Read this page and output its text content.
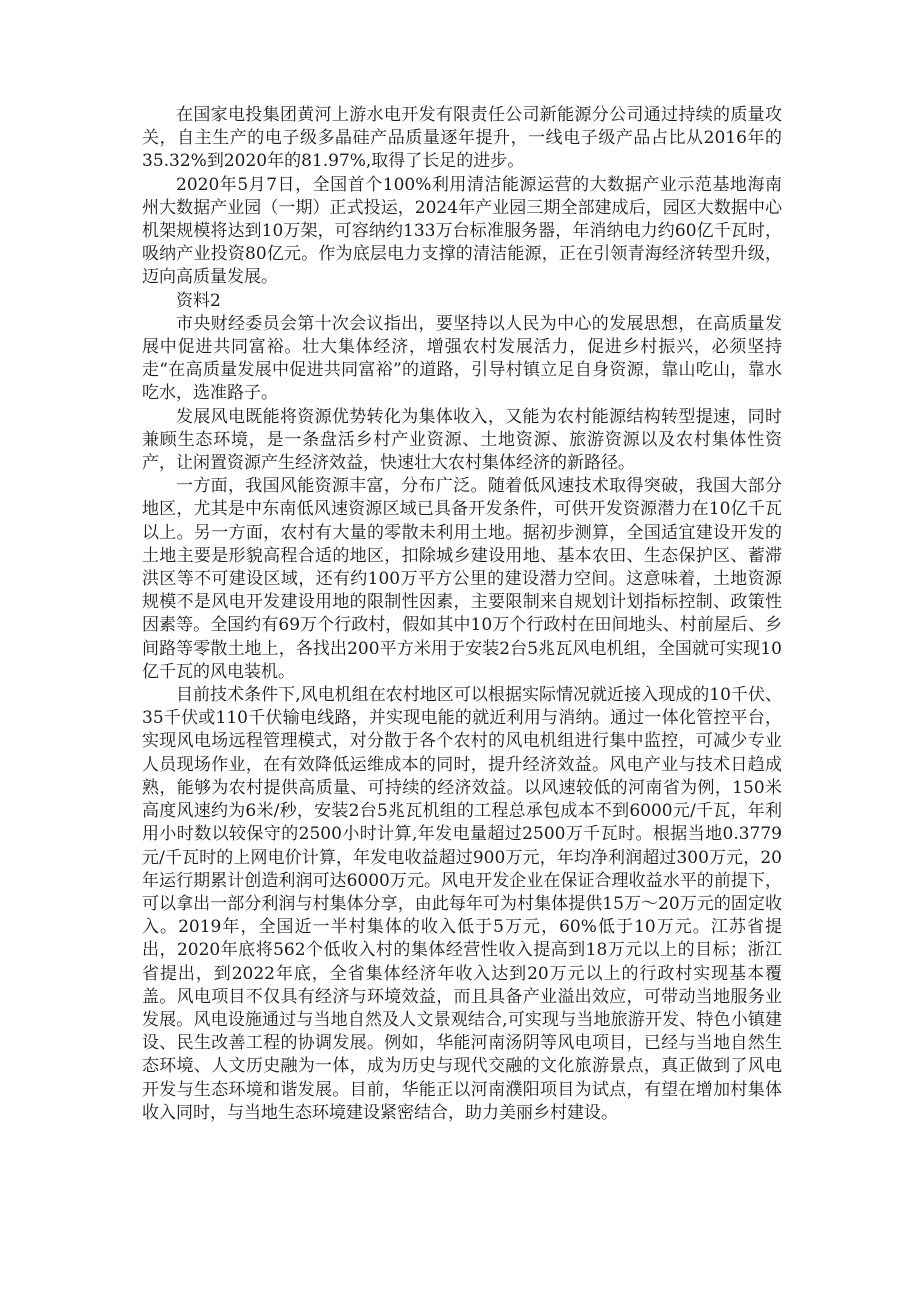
在国家电投集团黄河上游水电开发有限责任公司新能源分公司通过持续的质量攻关，自主生产的电子级多晶硅产品质量逐年提升，一线电子级产品占比从2016年的35.32%到2020年的81.97%,取得了长足的进步。

2020年5月7日，全国首个100%利用清洁能源运营的大数据产业示范基地海南州大数据产业园（一期）正式投运，2024年产业园三期全部建成后，园区大数据中心机架规模将达到10万架，可容纳约133万台标准服务器，年消纳电力约60亿千瓦时，吸纳产业投资80亿元。作为底层电力支撑的清洁能源，正在引领青海经济转型升级，迈向高质量发展。

资料2

市央财经委员会第十次会议指出，要坚持以人民为中心的发展思想，在高质量发展中促进共同富裕。壮大集体经济，增强农村发展活力，促进乡村振兴，必须坚持走“在高质量发展中促进共同富裕”的道路，引导村镇立足自身资源，靠山吃山，靠水吃水，选准路子。

发展风电既能将资源优势转化为集体收入，又能为农村能源结构转型提速，同时兼顾生态环境，是一条盘活乡村产业资源、土地资源、旅游资源以及农村集体性资产，让闲置资源产生经济效益，快速壮大农村集体经济的新路径。

一方面，我国风能资源丰富，分布广泛。随着低风速技术取得突破，我国大部分地区，尤其是中东南低风速资源区域已具备开发条件，可供开发资源潜力在10亿千瓦以上。另一方面，农村有大量的零散未利用土地。据初步测算，全国适宜建设开发的土地主要是形貌高程合适的地区，扣除城乡建设用地、基本农田、生态保护区、蓄滞洪区等不可建设区域，还有约100万平方公里的建设潜力空间。这意味着，土地资源规模不是风电开发建设用地的限制性因素，主要限制来自规划计划指标控制、政策性因素等。全国约有69万个行政村，假如其中10万个行政村在田间地头、村前屋后、乡间路等零散土地上，各找出200平方米用于安装2台5兆瓦风电机组，全国就可实现10亿千瓦的风电装机。

目前技术条件下,风电机组在农村地区可以根据实际情况就近接入现成的10千伏、35千伏或110千伏输电线路，并实现电能的就近利用与消纳。通过一体化管控平台，实现风电场远程管理模式，对分散于各个农村的风电机组进行集中监控，可减少专业人员现场作业，在有效降低运维成本的同时，提升经济效益。风电产业与技术日趋成熟，能够为农村提供高质量、可持续的经济效益。以风速较低的河南省为例，150米高度风速约为6米/秒，安装2台5兆瓦机组的工程总承包成本不到6000元/千瓦，年利用小时数以较保守的2500小时计算,年发电量超过2500万千瓦时。根据当地0.3779元/千瓦时的上网电价计算，年发电收益超过900万元，年均净利润超过300万元，20年运行期累计创造利润可达6000万元。风电开发企业在保证合理收益水平的前提下，可以拿出一部分利润与村集体分享，由此每年可为村集体提供15万～20万元的固定收入。2019年，全国近一半村集体的收入低于5万元，60%低于10万元。江苏省提出，2020年底将562个低收入村的集体经营性收入提高到18万元以上的目标；浙江省提出，到2022年底，全省集体经济年收入达到20万元以上的行政村实现基本覆盖。风电项目不仅具有经济与环境效益，而且具备产业溢出效应，可带动当地服务业发展。风电设施通过与当地自然及人文景观结合,可实现与当地旅游开发、特色小镇建设、民生改善工程的协调发展。例如，华能河南汤阴等风电项目，已经与当地自然生态环境、人文历史融为一体，成为历史与现代交融的文化旅游景点，真正做到了风电开发与生态环境和谐发展。目前，华能正以河南濮阳项目为试点，有望在增加村集体收入同时，与当地生态环境建设紧密结合，助力美丽乡村建设。
